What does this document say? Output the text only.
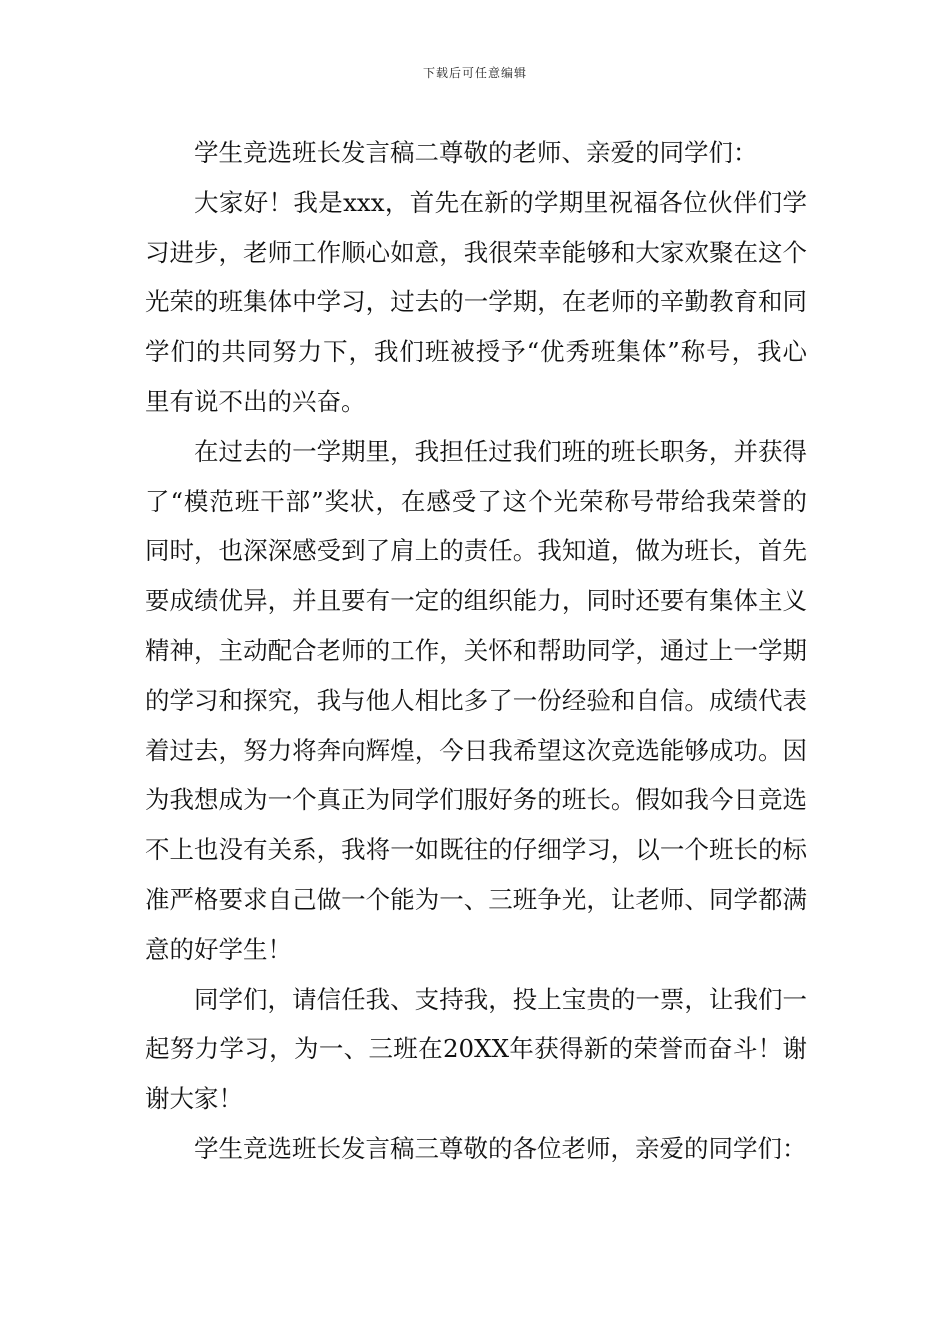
下载后可任意编辑

学生竞选班长发言稿二尊敬的老师、亲爱的同学们：

大家好！我是xxx，首先在新的学期里祝福各位伙伴们学习进步，老师工作顺心如意，我很荣幸能够和大家欢聚在这个光荣的班集体中学习，过去的一学期，在老师的辛勤教育和同学们的共同努力下，我们班被授予“优秀班集体”称号，我心里有说不出的兴奋。

在过去的一学期里，我担任过我们班的班长职务，并获得了“模范班干部”奖状，在感受了这个光荣称号带给我荣誉的同时，也深深感受到了肩上的责任。我知道，做为班长，首先要成绩优异，并且要有一定的组织能力，同时还要有集体主义精神，主动配合老师的工作，关怀和帮助同学，通过上一学期的学习和探究，我与他人相比多了一份经验和自信。成绩代表着过去，努力将奔向辉煌，今日我希望这次竞选能够成功。因为我想成为一个真正为同学们服好务的班长。假如我今日竞选不上也没有关系，我将一如既往的仔细学习，以一个班长的标准严格要求自己做一个能为一、三班争光，让老师、同学都满意的好学生！

同学们，请信任我、支持我，投上宝贵的一票，让我们一起努力学习，为一、三班在20XX年获得新的荣誉而奋斗！谢谢大家！

学生竞选班长发言稿三尊敬的各位老师，亲爱的同学们：
